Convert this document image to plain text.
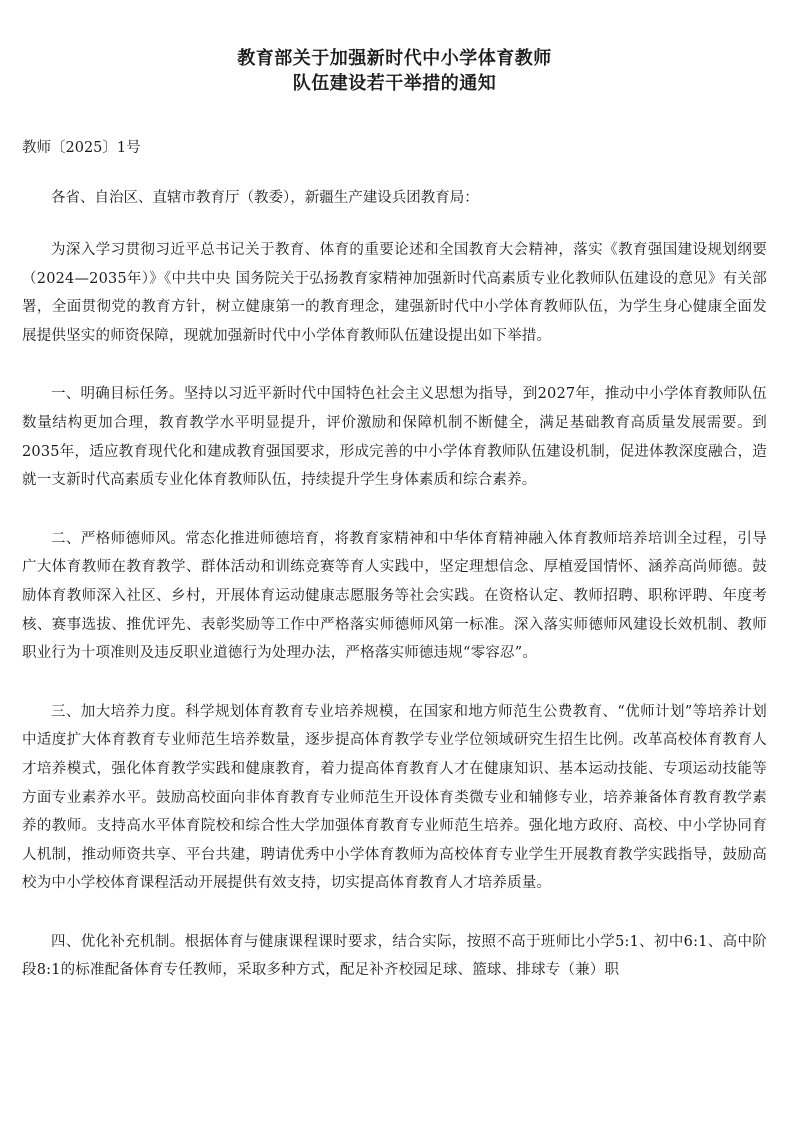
教育部关于加强新时代中小学体育教师
队伍建设若干举措的通知

教师〔2025〕1号

各省、自治区、直辖市教育厅（教委），新疆生产建设兵团教育局：

为深入学习贯彻习近平总书记关于教育、体育的重要论述和全国教育大会精神，落实《教育强国建设规划纲要（2024—2035年）》《中共中央 国务院关于弘扬教育家精神加强新时代高素质专业化教师队伍建设的意见》有关部署，全面贯彻党的教育方针，树立健康第一的教育理念，建强新时代中小学体育教师队伍，为学生身心健康全面发展提供坚实的师资保障，现就加强新时代中小学体育教师队伍建设提出如下举措。

一、明确目标任务。坚持以习近平新时代中国特色社会主义思想为指导，到2027年，推动中小学体育教师队伍数量结构更加合理，教育教学水平明显提升，评价激励和保障机制不断健全，满足基础教育高质量发展需要。到2035年，适应教育现代化和建成教育强国要求，形成完善的中小学体育教师队伍建设机制，促进体教深度融合，造就一支新时代高素质专业化体育教师队伍，持续提升学生身体素质和综合素养。

二、严格师德师风。常态化推进师德培育，将教育家精神和中华体育精神融入体育教师培养培训全过程，引导广大体育教师在教育教学、群体活动和训练竞赛等育人实践中，坚定理想信念、厚植爱国情怀、涵养高尚师德。鼓励体育教师深入社区、乡村，开展体育运动健康志愿服务等社会实践。在资格认定、教师招聘、职称评聘、年度考核、赛事选拔、推优评先、表彰奖励等工作中严格落实师德师风第一标准。深入落实师德师风建设长效机制、教师职业行为十项准则及违反职业道德行为处理办法，严格落实师德违规“零容忍”。

三、加大培养力度。科学规划体育教育专业培养规模，在国家和地方师范生公费教育、“优师计划”等培养计划中适度扩大体育教育专业师范生培养数量，逐步提高体育教学专业学位领域研究生招生比例。改革高校体育教育人才培养模式，强化体育教学实践和健康教育，着力提高体育教育人才在健康知识、基本运动技能、专项运动技能等方面专业素养水平。鼓励高校面向非体育教育专业师范生开设体育类微专业和辅修专业，培养兼备体育教育教学素养的教师。支持高水平体育院校和综合性大学加强体育教育专业师范生培养。强化地方政府、高校、中小学协同育人机制，推动师资共享、平台共建，聘请优秀中小学体育教师为高校体育专业学生开展教育教学实践指导，鼓励高校为中小学校体育课程活动开展提供有效支持，切实提高体育教育人才培养质量。

四、优化补充机制。根据体育与健康课程课时要求，结合实际，按照不高于班师比小学5:1、初中6:1、高中阶段8:1的标准配备体育专任教师，采取多种方式，配足补齐校园足球、篮球、排球专（兼）职
